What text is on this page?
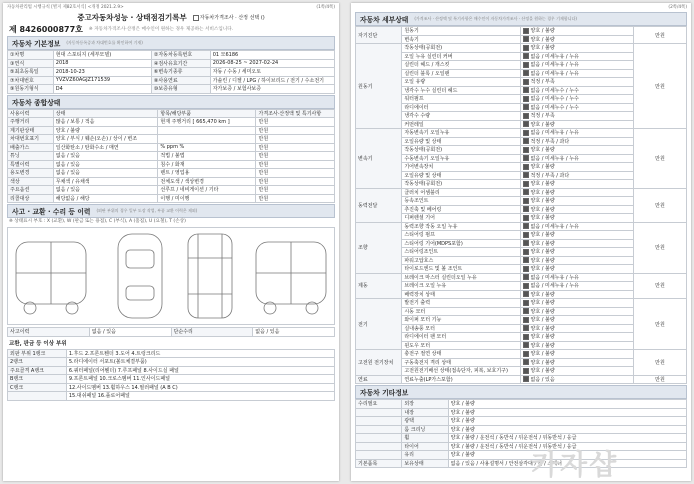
자동차관리법 시행규칙 [별지 제82호서식] <개정 2021.2.9>	(1쪽/4쪽)
중고자동차성능 · 상태점검기록부	자동차가격조사 · 산정 선택 ()
제 8426000877호 ※ 자동차가격조사·산정은 매수인이 원하는 경우 제공하는 서비스입니다.
자동차 기본정보 (자동차등록증과 차대번호를 확인하여 기재)
①차명	현대 스포티지 (세부모델)	②자동차등록번호	01 모6186
③연식	2018	④검사유효기간	2026-08-25 ~ 2027-02-24
⑤최초등록일	2018-10-23	⑥변속기종류	자동 / 수동 / 세미오토
⑦차대번호	YVZVZ60AGJZ171539	⑧사용연료	가솔린 / 디젤 / LPG / 하이브리드 / 전기 / 수소전기
⑨원동기형식	D4	⑩보증유형	자가보증 / 보험사보증
자동차 종합상태
사용이력	상태	항목/해당부품	가격조사·산정액 및 특기사항
주행거리	많음 / 보통 / 적음	현재 주행거리 [ 665,470 km ]	만원
계기판상태	양호 / 불량		만원
차대번호표기	양호 / 부식 / 훼손(오손) / 상이 / 변조		만원
배출가스	일산화탄소 / 탄화수소 / 매연	% ppm %	만원
튜닝	없음 / 있음	적법 / 불법	만원
특별이력	없음 / 있음	침수 / 화재	만원
용도변경	없음 / 있음	렌트 / 영업용	만원
색상	무채색 / 유채색	전체도색 / 색상변경	만원
주요옵션	없음 / 있음	선루프 / 네비게이션 / 기타	만원
리콜대상	해당없음 / 해당	이행 / 미이행	만원
사고 · 교환 · 수리 등 이력 (외판 부위의 경우 일부 도장 작업, 부품 교환 이력은 제외)
※ 상태표시 부호 : X (교환), W (판금 또는 용접), C (부식), A (흠집), U (요철), T (손상)
사고이력	없음 / 있음	단순수리	없음 / 있음
교환, 판금 등 이상 부위
외판 부위 1랭크	1.후드 2.프론트휀더 3.도어 4.트렁크리드
2랭크	5.라디에이터 서포트(볼트체결부품)
주요골격 A랭크	6.쿼터패널(리어휀더) 7.루프패널 8.사이드실 패널
B랭크	9.프론트패널 10.크로스멤버 11.인사이드패널
C랭크	12.사이드멤버 13.휠하우스 14.필러패널 (A B C)
	15.대쉬패널 16.플로어패널
(2쪽/4쪽)
자동차 세부상태 (가격조사 · 산정액 및 특기사항은 매수인이 자동차가격조사 · 산정을 원하는 경우 기재합니다)
자기진단	원동기	양호 / 불량	만원
	변속기	양호 / 불량	
원동기	작동상태(공회전)	양호 / 불량	만원
	오일 누유 실린더 커버	없음 / 미세누유 / 누유	
	실린더 헤드 / 개스킷	없음 / 미세누유 / 누유	
	실린더 블록 / 오일팬	없음 / 미세누유 / 누유	
	오일 유량	적정 / 부족	
	냉각수 누수 실린더 헤드	없음 / 미세누수 / 누수	
	워터펌프	없음 / 미세누수 / 누수	
	라디에이터	없음 / 미세누수 / 누수	
	냉각수 수량	적정 / 부족	
	커먼레일	양호 / 불량	
변속기	자동변속기 오일누유	없음 / 미세누유 / 누유	만원
	오일유량 및 상태	적정 / 부족 / 과다	
	작동상태(공회전)	양호 / 불량	
	수동변속기 오일누유	없음 / 미세누유 / 누유	
	기어변속장치	양호 / 불량	
	오일유량 및 상태	적정 / 부족 / 과다	
	작동상태(공회전)	양호 / 불량	
동력전달	클러치 어셈블리	양호 / 불량	만원
	등속조인트	양호 / 불량	
	추진축 및 베어링	양호 / 불량	
	디퍼렌셜 기어	양호 / 불량	
조향	동력조향 작동 오일 누유	없음 / 미세누유 / 누유	만원
	스티어링 펌프	양호 / 불량	
	스티어링 기어(MDPS포함)	양호 / 불량	
	스티어링조인트	양호 / 불량	
	파워고압호스	양호 / 불량	
	타이로드엔드 및 볼 조인트	양호 / 불량	
제동	브레이크 마스터 실린더오일 누유	없음 / 미세누유 / 누유	만원
	브레이크 오일 누유	없음 / 미세누유 / 누유	
	배력장치 상태	양호 / 불량	
전기	발전기 출력	양호 / 불량	만원
	시동 모터	양호 / 불량	
	와이퍼 모터 기능	양호 / 불량	
	실내송풍 모터	양호 / 불량	
	라디에이터 팬 모터	양호 / 불량	
	윈도우 모터	양호 / 불량	
고전원 전기장치	충전구 절연 상태	양호 / 불량	만원
	구동축전지 격리 상태	양호 / 불량	
	고전원전기배선 상태(접속단자, 피복, 보호기구)	양호 / 불량	
연료	연료누출(LP가스포함)	없음 / 있음	만원
자동차 기타정보
수리필요	외장	양호 / 불량
	내장	양호 / 불량
	광택	양호 / 불량
	룸 크리닝	양호 / 불량
	휠	양호 / 불량 / 운전석 / 동반석 / 뒤운전석 / 뒤동반석 / 응급
	타이어	양호 / 불량 / 운전석 / 동반석 / 뒤운전석 / 뒤동반석 / 응급
	유리	양호 / 불량
기본품목	보유상태	없음 / 있음 / 사용설명서 / 안전삼각대 / 잭 / 스패너
카자샵
